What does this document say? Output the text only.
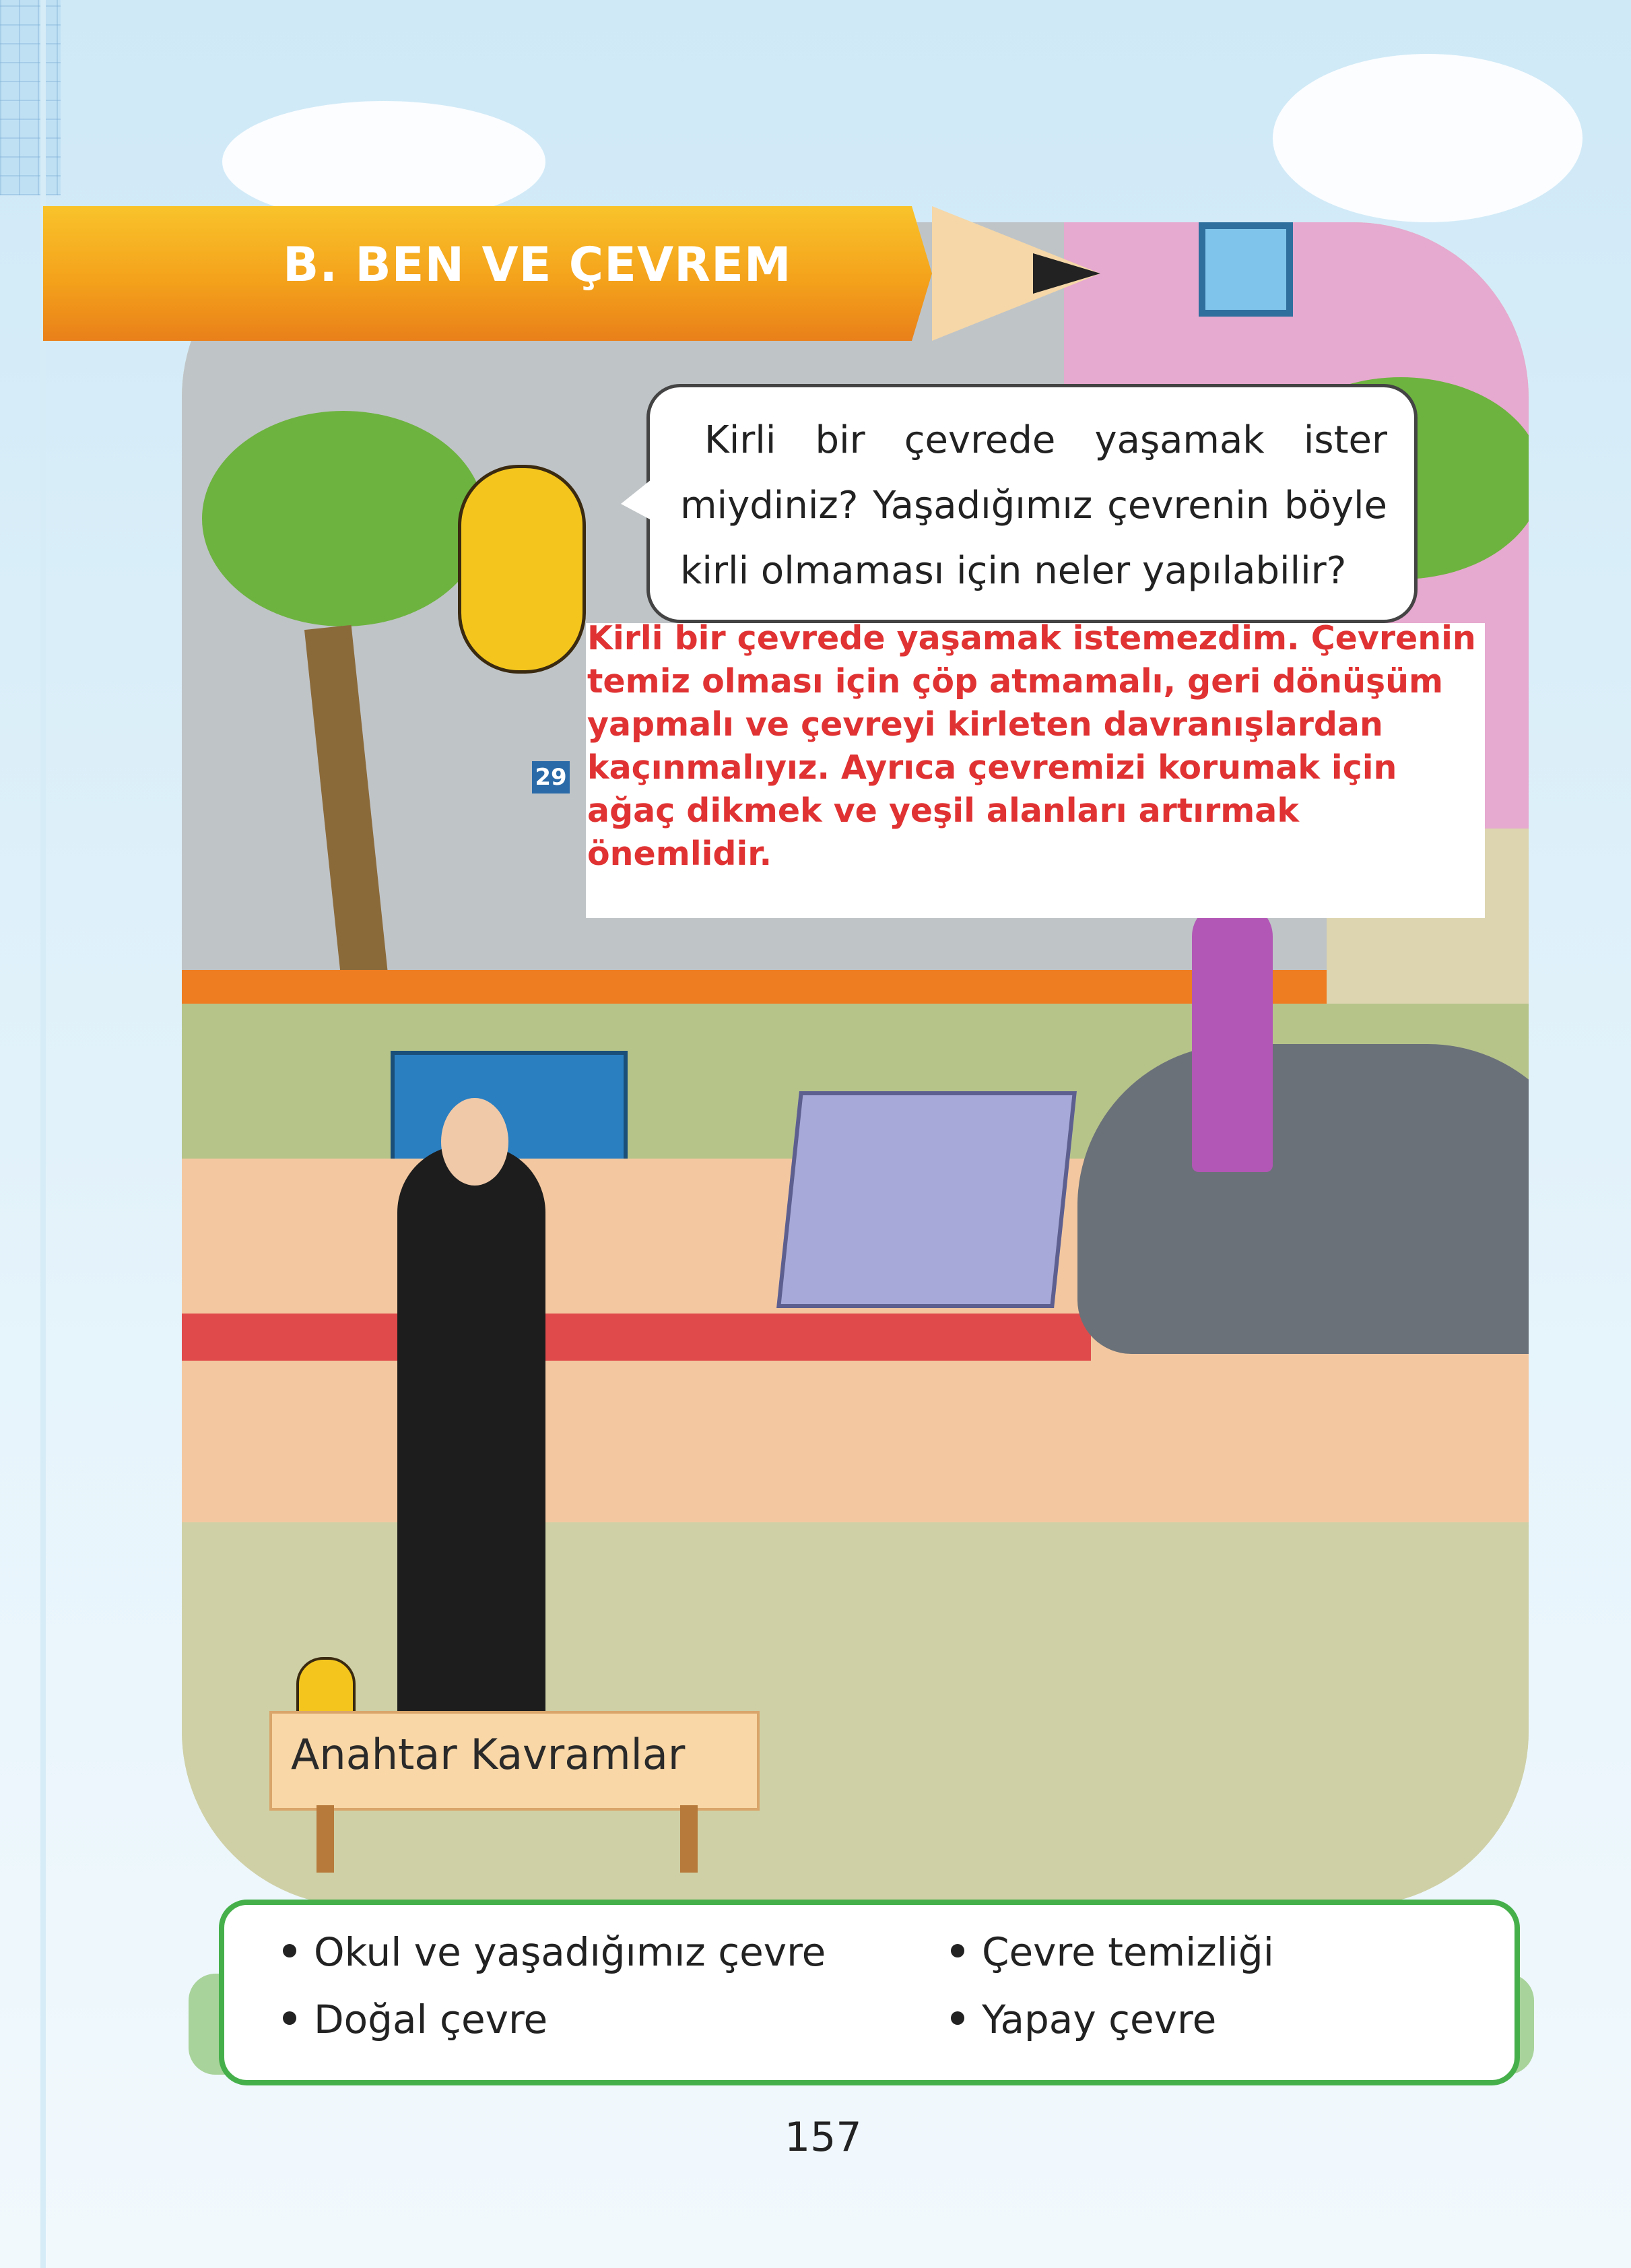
29
B. BEN VE ÇEVREM
Kirli bir çevrede yaşamak ister miydiniz? Yaşadığımız çevrenin böyle kirli olmaması için neler yapılabilir?
Kirli bir çevrede yaşamak istemezdim. Çevrenin temiz olması için çöp atmamalı, geri dönüşüm yapmalı ve çevreyi kirleten davranışlardan kaçınmalıyız. Ayrıca çevremizi korumak için ağaç dikmek ve yeşil alanları artırmak önemlidir.
Anahtar Kavramlar
Okul ve yaşadığımız çevre
Doğal çevre
Çevre temizliği
Yapay çevre
157
